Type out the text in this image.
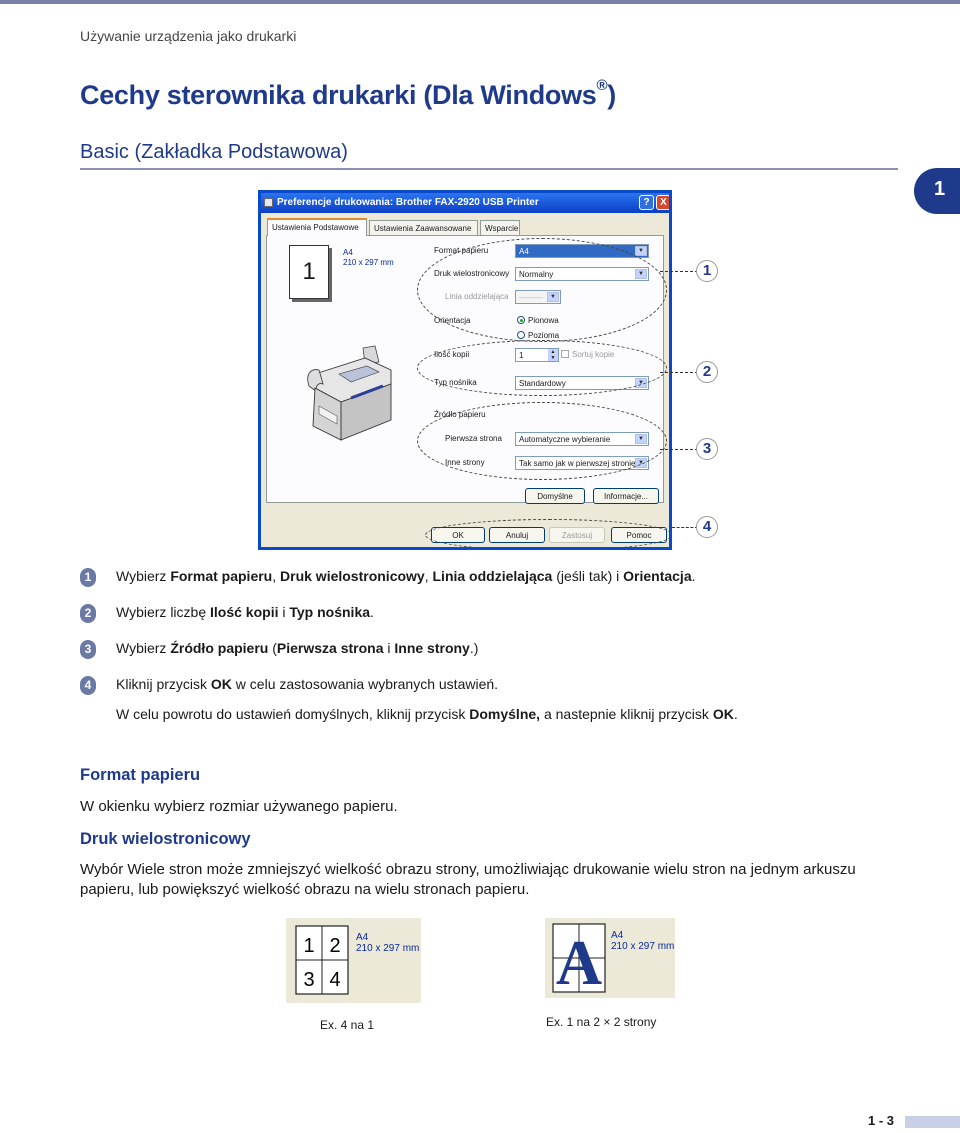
Używanie urządzenia jako drukarki
Cechy sterownika drukarki (Dla Windows®)
Basic (Zakładka Podstawowa)
1
Preferencje drukowania: Brother FAX-2920 USB Printer	?	X
Ustawienia Podstawowe	Ustawienia Zaawansowane	Wsparcie
1
A4
210 x 297 mm
Format papieru	A4	▼
Druk wielostronicowy	Normalny	▼
Linia oddzielająca	---------	▼
Orientacja	Pionowa
Pozioma
Ilość kopii	1	▲
▼	Sortuj kopie
Typ nośnika	Standardowy	▼
Źródło papieru
Pierwsza strona	Automatyczne wybieranie	▼
Inne strony	Tak samo jak w pierwszej stronie ▼
Domyślne	Informacje...
OK	Anuluj	Zastosuj	Pomoc
1
2
3
4
1 Wybierz Format papieru, Druk wielostronicowy, Linia oddzielająca (jeśli tak) i Orientacja.
2 Wybierz liczbę Ilość kopii i Typ nośnika.
3 Wybierz Źródło papieru (Pierwsza strona i Inne strony.)
4 Kliknij przycisk OK w celu zastosowania wybranych ustawień.
W celu powrotu do ustawień domyślnych, kliknij przycisk Domyślne, a nastepnie kliknij przycisk OK.
Format papieru

W okienku wybierz rozmiar używanego papieru.

Druk wielostronicowy

Wybór Wiele stron może zmniejszyć wielkość obrazu strony, umożliwiając drukowanie wielu stron na jednym arkuszu papieru, lub powiększyć wielkość obrazu na wielu stronach papieru.

1 2
3 4
A4
210 x 297 mm
Ex. 4 na 1
A A4
210 x 297 mm
Ex. 1 na 2 × 2 strony
1 - 3
